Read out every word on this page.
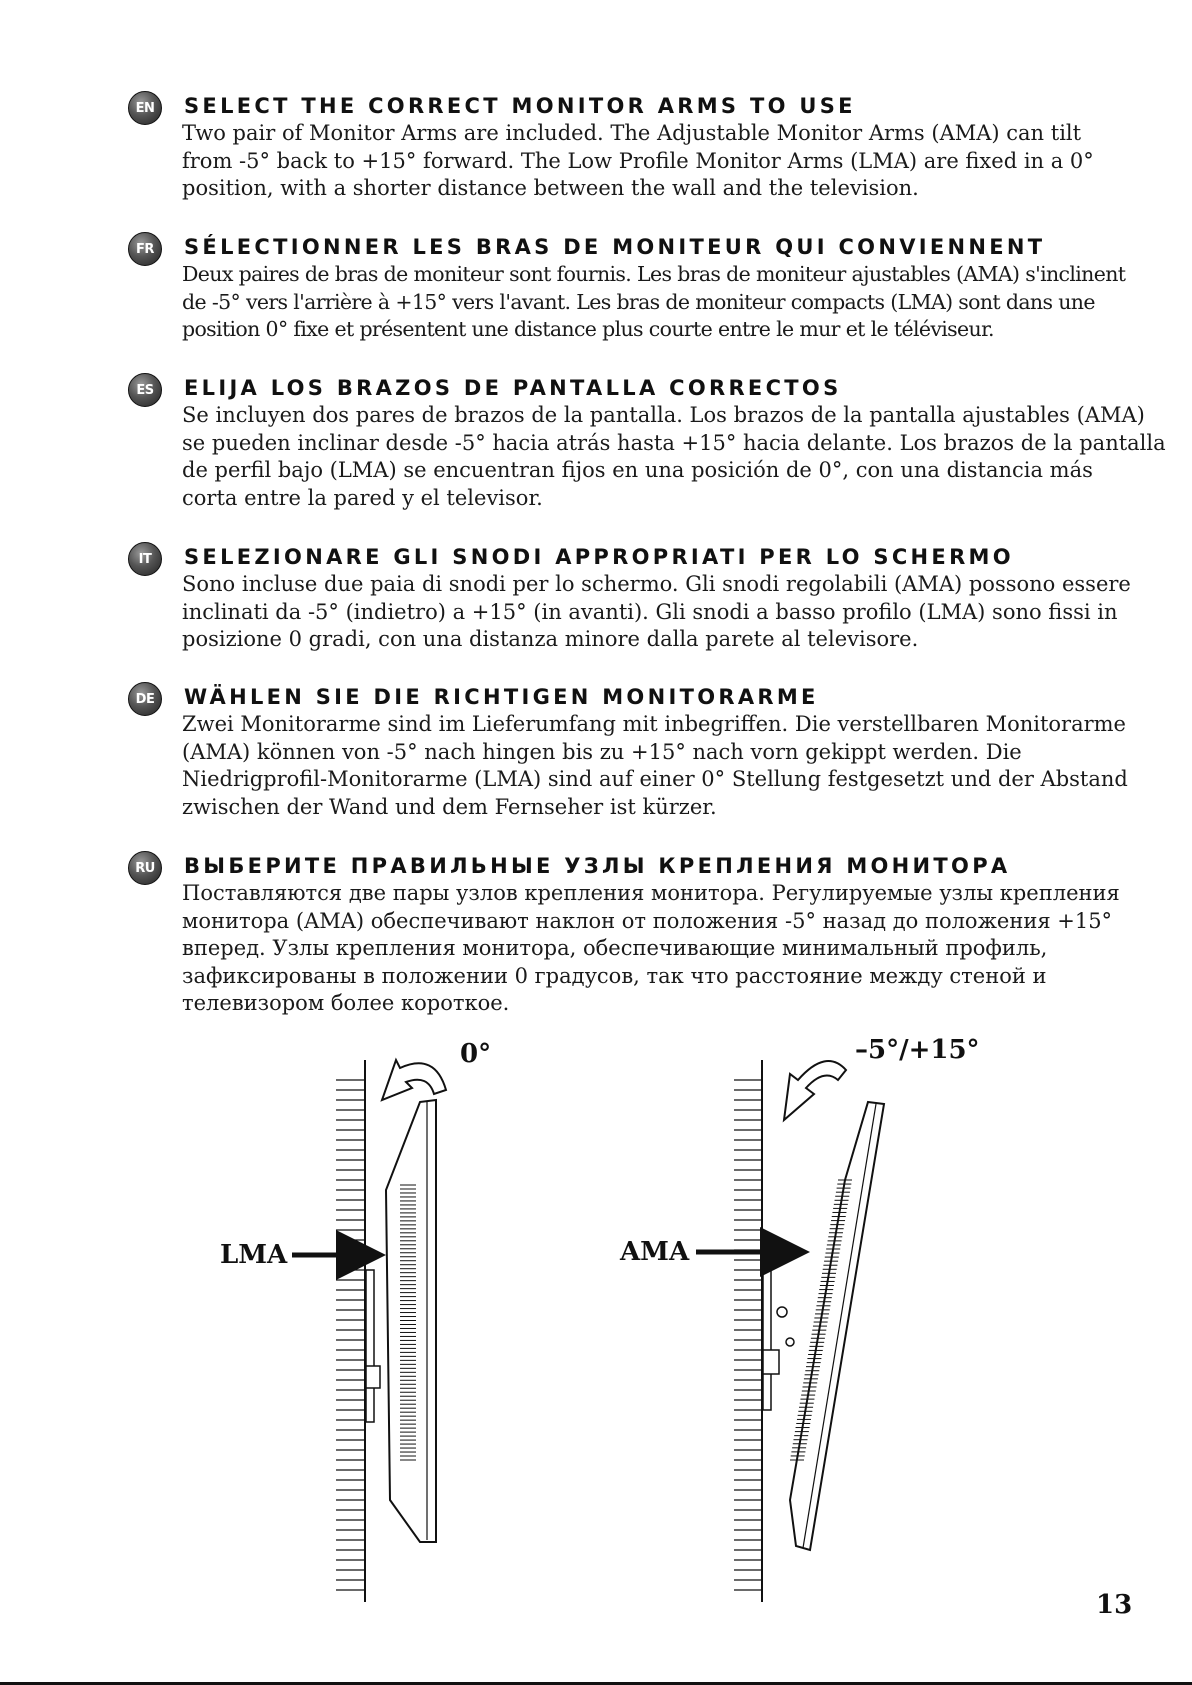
EN	SELECT THE CORRECT MONITOR ARMS TO USE
Two pair of Monitor Arms are included. The Adjustable Monitor Arms (AMA) can tilt
from -5° back to +15° forward. The Low Profile Monitor Arms (LMA) are fixed in a 0°
position, with a shorter distance between the wall and the television.
FR	SÉLECTIONNER LES BRAS DE MONITEUR QUI CONVIENNENT
Deux paires de bras de moniteur sont fournis. Les bras de moniteur ajustables (AMA) s'inclinent
de -5° vers l'arrière à +15° vers l'avant. Les bras de moniteur compacts (LMA) sont dans une
position 0° fixe et présentent une distance plus courte entre le mur et le téléviseur.
ES	ELIJA LOS BRAZOS DE PANTALLA CORRECTOS
Se incluyen dos pares de brazos de la pantalla. Los brazos de la pantalla ajustables (AMA)
se pueden inclinar desde -5° hacia atrás hasta +15° hacia delante. Los brazos de la pantalla
de perfil bajo (LMA) se encuentran fijos en una posición de 0°, con una distancia más
corta entre la pared y el televisor.
IT	SELEZIONARE GLI SNODI APPROPRIATI PER LO SCHERMO
Sono incluse due paia di snodi per lo schermo. Gli snodi regolabili (AMA) possono essere
inclinati da -5° (indietro) a +15° (in avanti). Gli snodi a basso profilo (LMA) sono fissi in
posizione 0 gradi, con una distanza minore dalla parete al televisore.
DE	WÄHLEN SIE DIE RICHTIGEN MONITORARME
Zwei Monitorarme sind im Lieferumfang mit inbegriffen. Die verstellbaren Monitorarme
(AMA) können von -5° nach hingen bis zu +15° nach vorn gekippt werden. Die
Niedrigprofil-Monitorarme (LMA) sind auf einer 0° Stellung festgesetzt und der Abstand
zwischen der Wand und dem Fernseher ist kürzer.
RU	ВЫБЕРИТЕ ПРАВИЛЬНЫЕ УЗЛЫ КРЕПЛЕНИЯ МОНИТОРА
Поставляются две пары узлов крепления монитора. Регулируемые узлы крепления
монитора (AMA) обеспечивают наклон от положения -5° назад до положения +15°
вперед. Узлы крепления монитора, обеспечивающие минимальный профиль,
зафиксированы в положении 0 градусов, так что расстояние между стеной и
телевизором более короткое.
0°
LMA
–5°/+15°
AMA
13
